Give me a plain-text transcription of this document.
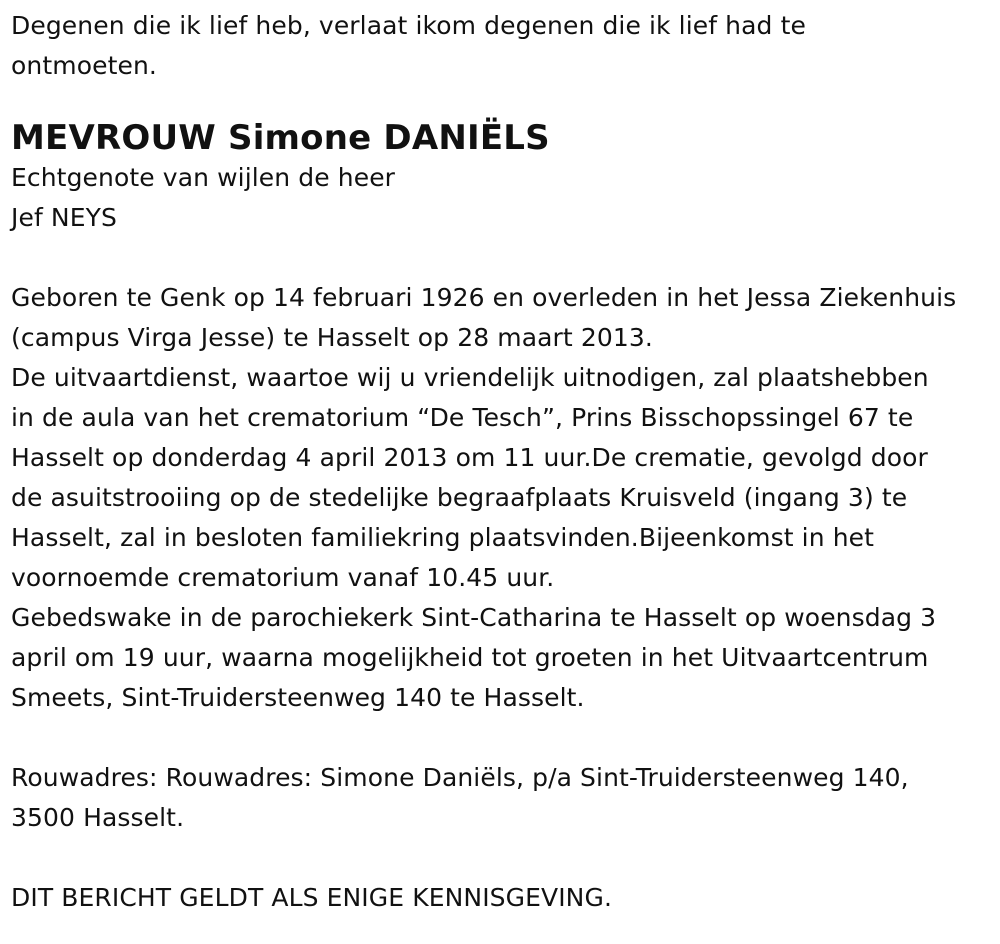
Degenen die ik lief heb, verlaat ikom degenen die ik lief had te
ontmoeten.

MEVROUW Simone DANIËLS

Echtgenote van wijlen de heer
Jef NEYS

Geboren te Genk op 14 februari 1926 en overleden in het Jessa Ziekenhuis
(campus Virga Jesse) te Hasselt op 28 maart 2013.
De uitvaartdienst, waartoe wij u vriendelijk uitnodigen, zal plaatshebben
in de aula van het crematorium “De Tesch”, Prins Bisschopssingel 67 te
Hasselt op donderdag 4 april 2013 om 11 uur.De crematie, gevolgd door
de asuitstrooiing op de stedelijke begraafplaats Kruisveld (ingang 3) te
Hasselt, zal in besloten familiekring plaatsvinden.Bijeenkomst in het
voornoemde crematorium vanaf 10.45 uur.
Gebedswake in de parochiekerk Sint-Catharina te Hasselt op woensdag 3
april om 19 uur, waarna mogelijkheid tot groeten in het Uitvaartcentrum
Smeets, Sint-Truidersteenweg 140 te Hasselt.

Rouwadres: Rouwadres: Simone Daniëls, p/a Sint-Truidersteenweg 140,
3500 Hasselt.

DIT BERICHT GELDT ALS ENIGE KENNISGEVING.
